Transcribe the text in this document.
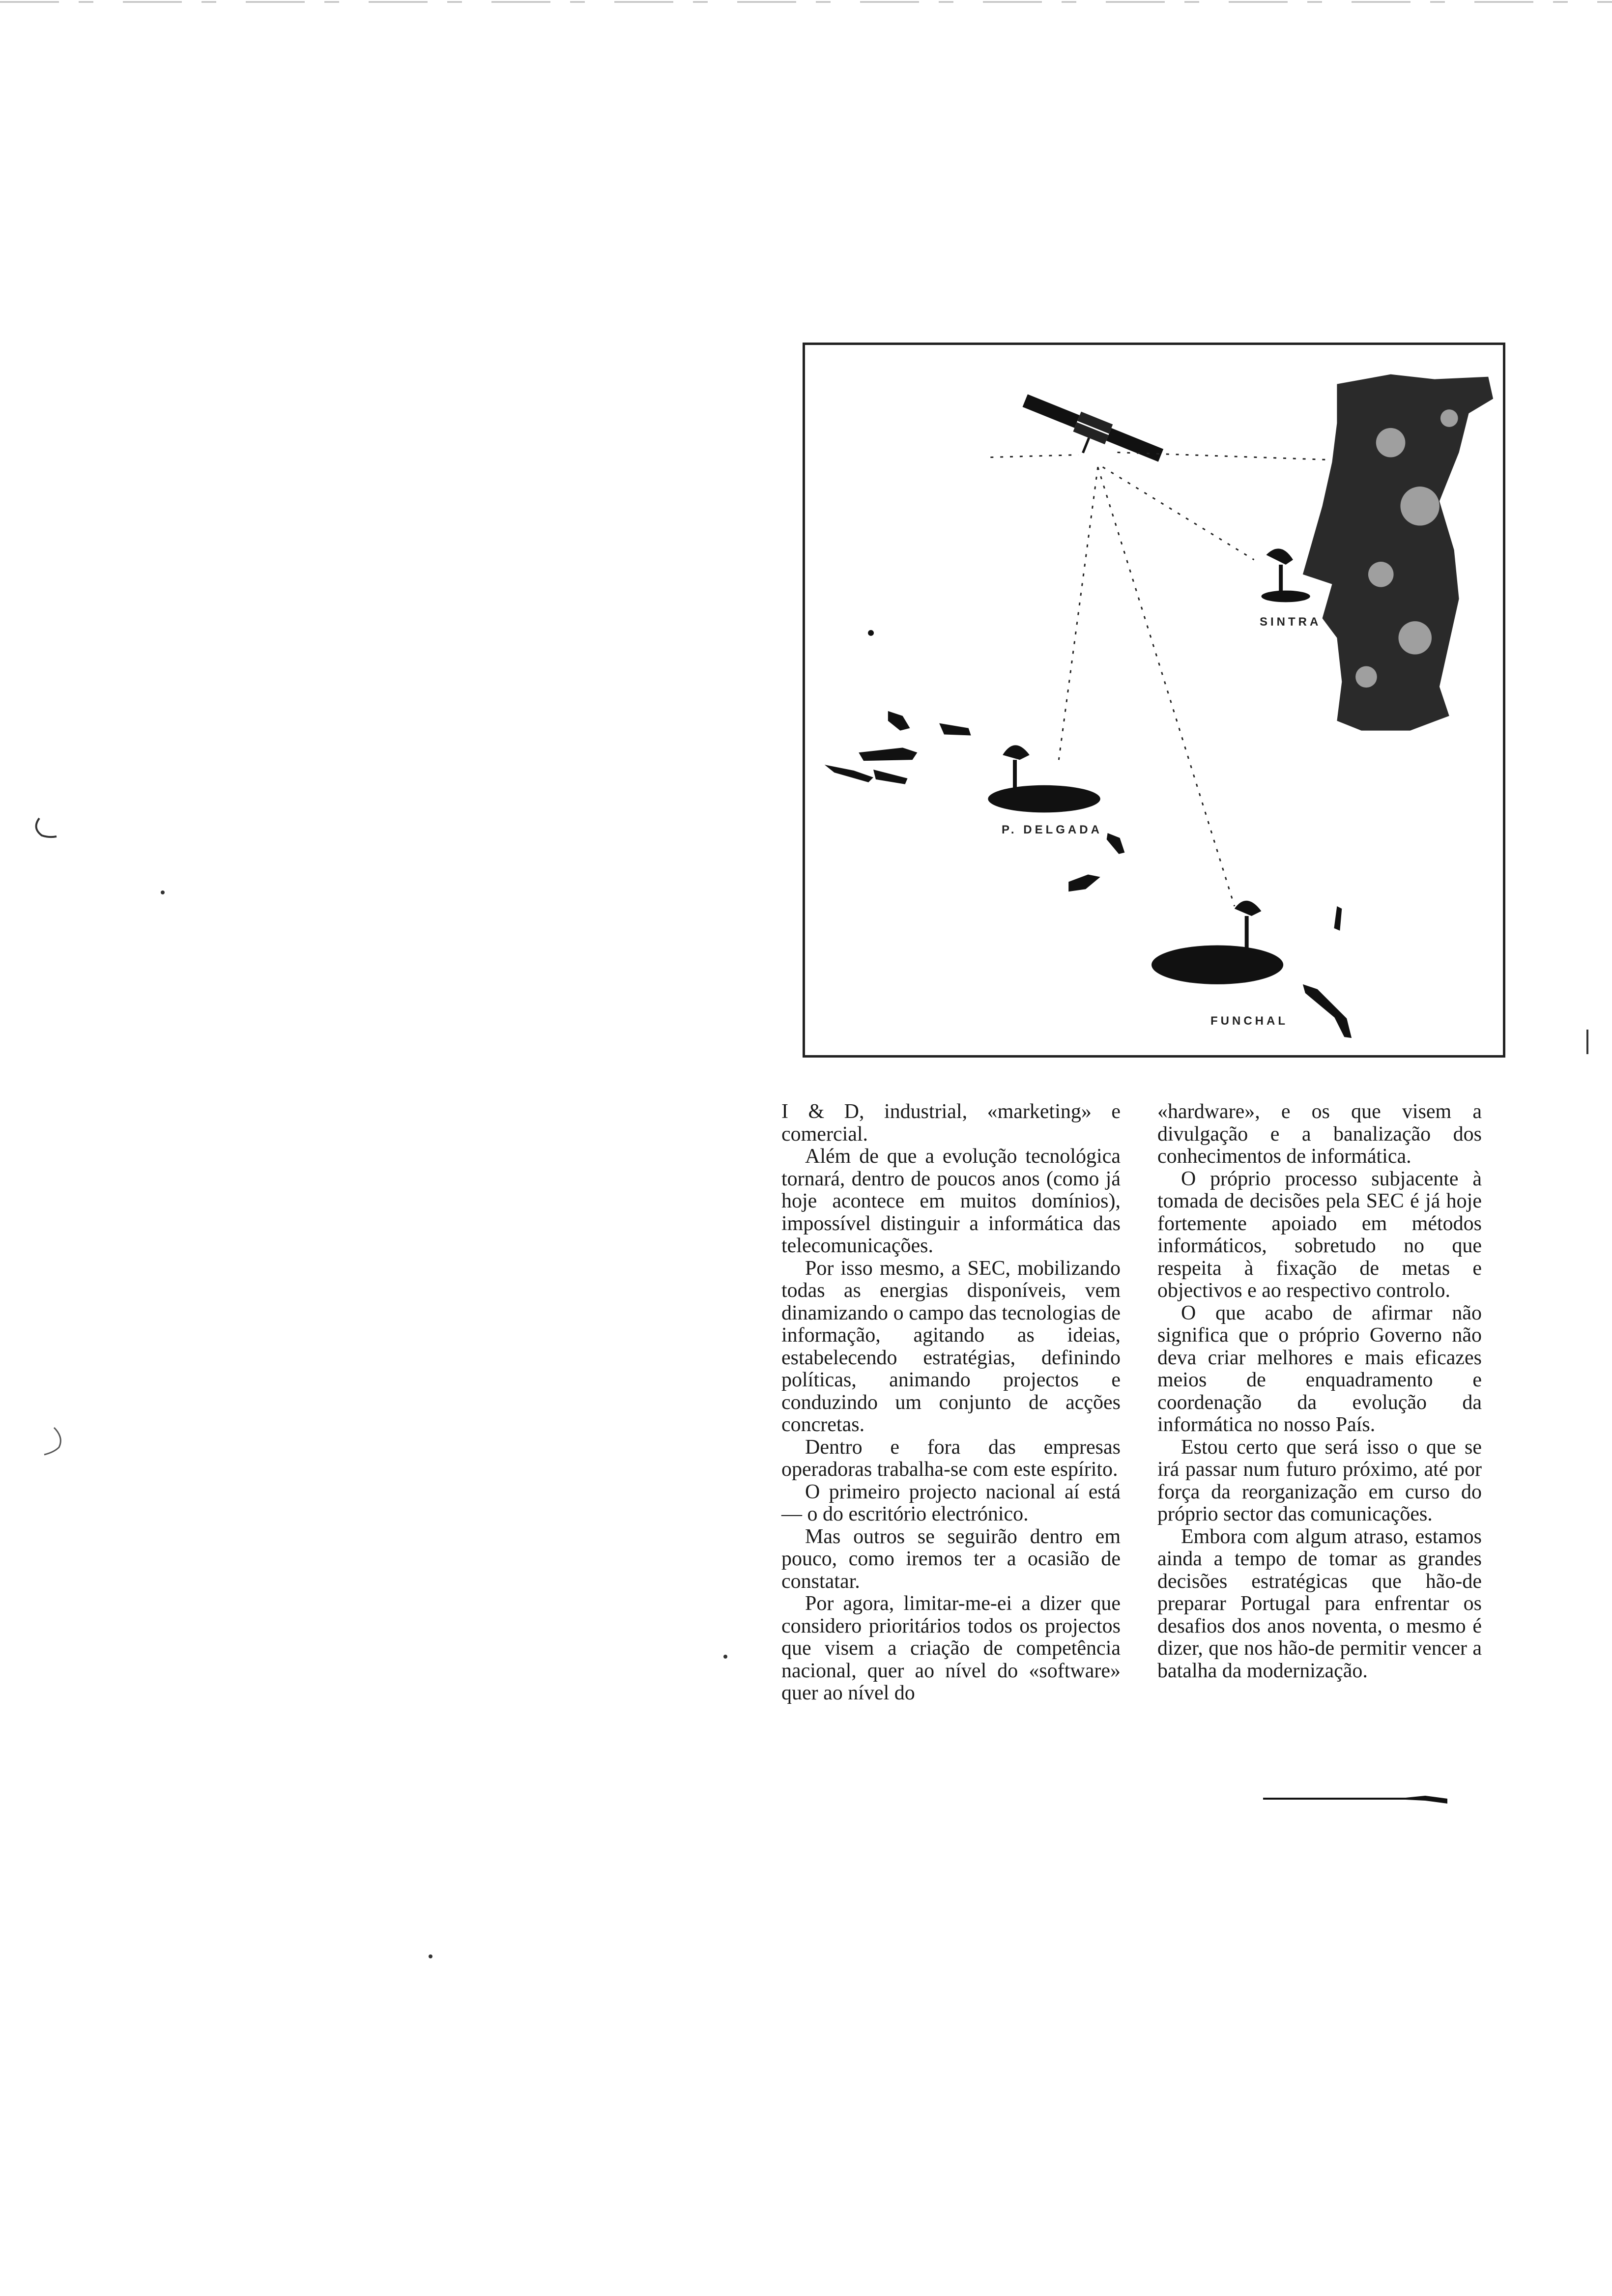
SINTRA
P. DELGADA
FUNCHAL

I & D, industrial, «marketing» e comercial.

Além de que a evolução tecnológica tornará, dentro de poucos anos (como já hoje acontece em muitos domínios), impossível distinguir a informática das telecomunicações.

Por isso mesmo, a SEC, mobilizando todas as energias disponíveis, vem dinamizando o campo das tecnologias de informação, agitando as ideias, estabelecendo estratégias, definindo políticas, animando projectos e conduzindo um conjunto de acções concretas.

Dentro e fora das empresas operadoras trabalha-se com este espírito.

O primeiro projecto nacional aí está — o do escritório electrónico.

Mas outros se seguirão dentro em pouco, como iremos ter a ocasião de constatar.

Por agora, limitar-me-ei a dizer que considero prioritários todos os projectos que visem a criação de competência nacional, quer ao nível do «software» quer ao nível do

«hardware», e os que visem a divulgação e a banalização dos conhecimentos de informática.

O próprio processo subjacente à tomada de decisões pela SEC é já hoje fortemente apoiado em métodos informáticos, sobretudo no que respeita à fixação de metas e objectivos e ao respectivo controlo.

O que acabo de afirmar não significa que o próprio Governo não deva criar melhores e mais eficazes meios de enquadramento e coordenação da evolução da informática no nosso País.

Estou certo que será isso o que se irá passar num futuro próximo, até por força da reorganização em curso do próprio sector das comunicações.

Embora com algum atraso, estamos ainda a tempo de tomar as grandes decisões estratégicas que hão-de preparar Portugal para enfrentar os desafios dos anos noventa, o mesmo é dizer, que nos hão-de permitir vencer a batalha da modernização.
